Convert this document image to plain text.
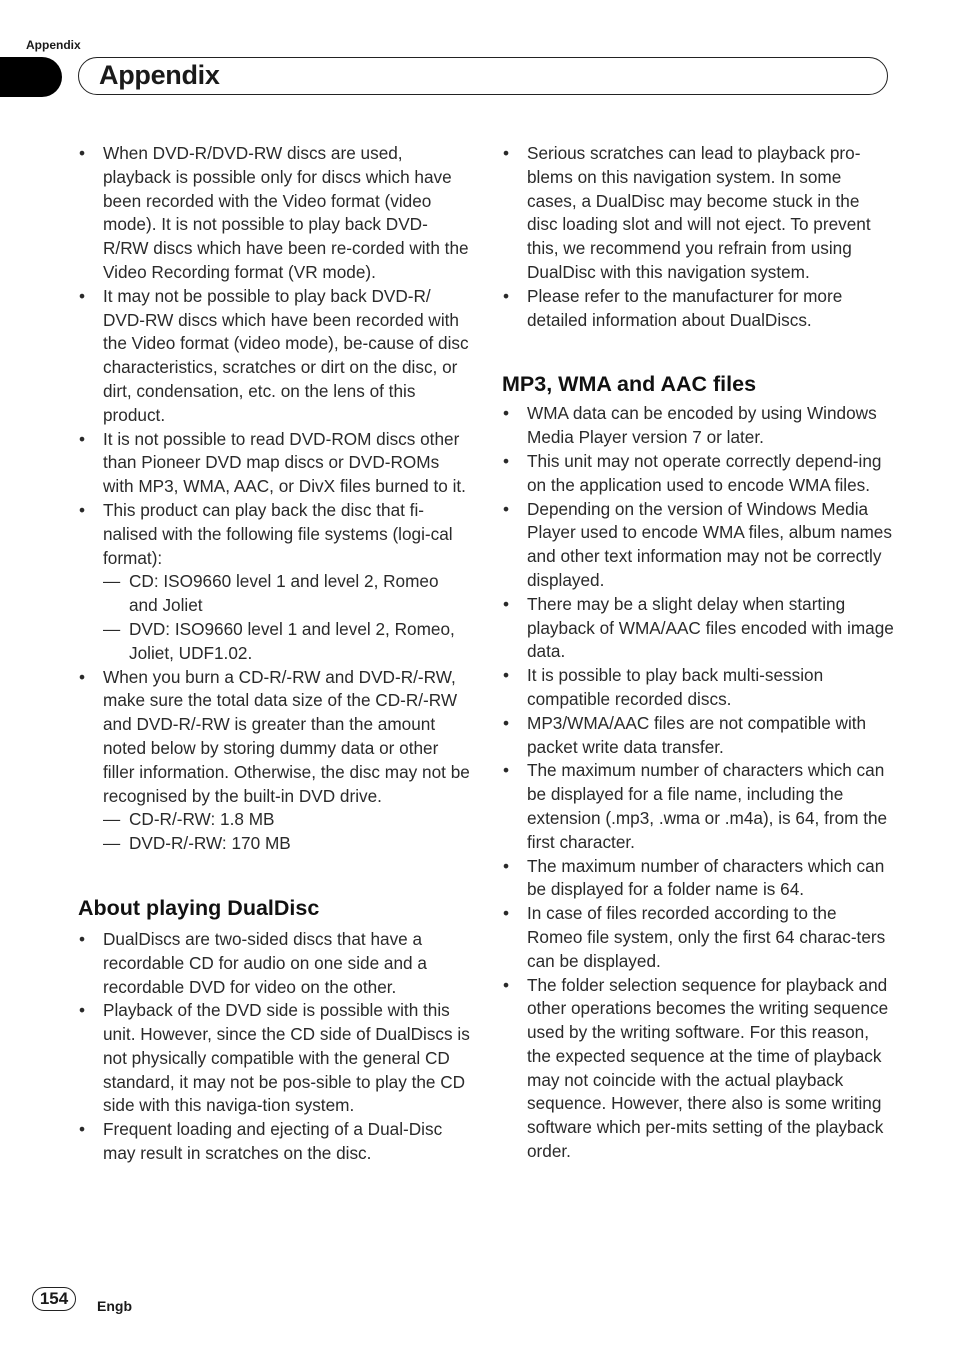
Appendix
Appendix
• When DVD-R/DVD-RW discs are used, playback is possible only for discs which have been recorded with the Video format (video mode). It is not possible to play back DVD-R/RW discs which have been re-corded with the Video Recording format (VR mode).
• It may not be possible to play back DVD-R/ DVD-RW discs which have been recorded with the Video format (video mode), be-cause of disc characteristics, scratches or dirt on the disc, or dirt, condensation, etc. on the lens of this product.
• It is not possible to read DVD-ROM discs other than Pioneer DVD map discs or DVD-ROMs with MP3, WMA, AAC, or DivX files burned to it.
• This product can play back the disc that fi-nalised with the following file systems (logi-cal format):
— CD: ISO9660 level 1 and level 2, Romeo and Joliet
— DVD: ISO9660 level 1 and level 2, Romeo, Joliet, UDF1.02.
• When you burn a CD-R/-RW and DVD-R/-RW, make sure the total data size of the CD-R/-RW and DVD-R/-RW is greater than the amount noted below by storing dummy data or other filler information. Otherwise, the disc may not be recognised by the built-in DVD drive.
— CD-R/-RW: 1.8 MB
— DVD-R/-RW: 170 MB
About playing DualDisc
• DualDiscs are two-sided discs that have a recordable CD for audio on one side and a recordable DVD for video on the other.
• Playback of the DVD side is possible with this unit. However, since the CD side of DualDiscs is not physically compatible with the general CD standard, it may not be pos-sible to play the CD side with this naviga-tion system.
• Frequent loading and ejecting of a Dual-Disc may result in scratches on the disc.
• Serious scratches can lead to playback pro-blems on this navigation system. In some cases, a DualDisc may become stuck in the disc loading slot and will not eject. To prevent this, we recommend you refrain from using DualDisc with this navigation system.
• Please refer to the manufacturer for more detailed information about DualDiscs.
MP3, WMA and AAC files
• WMA data can be encoded by using Windows Media Player version 7 or later.
• This unit may not operate correctly depend-ing on the application used to encode WMA files.
• Depending on the version of Windows Media Player used to encode WMA files, album names and other text information may not be correctly displayed.
• There may be a slight delay when starting playback of WMA/AAC files encoded with image data.
• It is possible to play back multi-session compatible recorded discs.
• MP3/WMA/AAC files are not compatible with packet write data transfer.
• The maximum number of characters which can be displayed for a file name, including the extension (.mp3, .wma or .m4a), is 64, from the first character.
• The maximum number of characters which can be displayed for a folder name is 64.
• In case of files recorded according to the Romeo file system, only the first 64 charac-ters can be displayed.
• The folder selection sequence for playback and other operations becomes the writing sequence used by the writing software. For this reason, the expected sequence at the time of playback may not coincide with the actual playback sequence. However, there also is some writing software which per-mits setting of the playback order.
154	Engb
